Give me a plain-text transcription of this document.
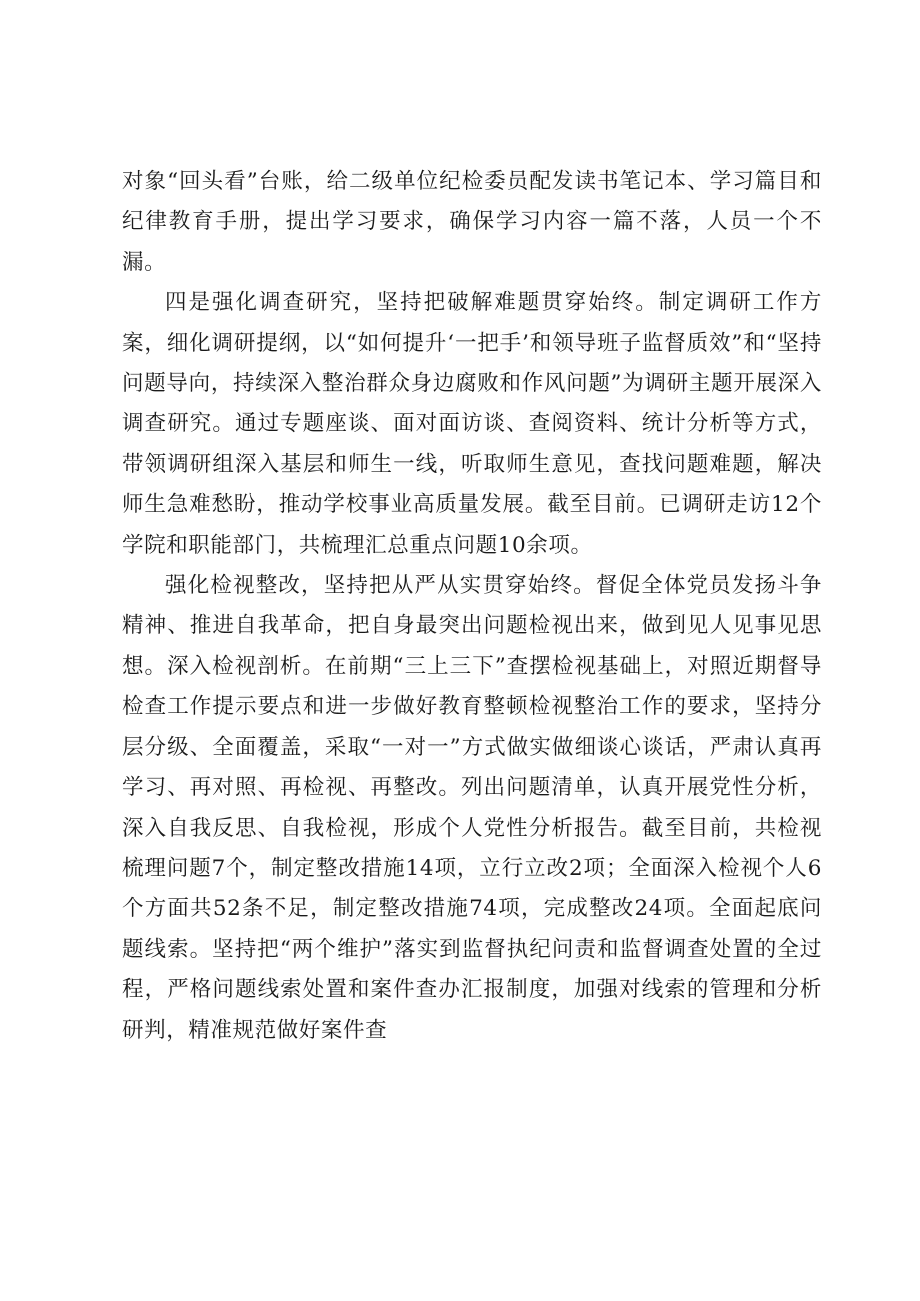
对象“回头看”台账，给二级单位纪检委员配发读书笔记本、学习篇目和纪律教育手册，提出学习要求，确保学习内容一篇不落，人员一个不漏。

四是强化调查研究，坚持把破解难题贯穿始终。制定调研工作方案，细化调研提纲，以“如何提升‘一把手’和领导班子监督质效”和“坚持问题导向，持续深入整治群众身边腐败和作风问题”为调研主题开展深入调查研究。通过专题座谈、面对面访谈、查阅资料、统计分析等方式，带领调研组深入基层和师生一线，听取师生意见，查找问题难题，解决师生急难愁盼，推动学校事业高质量发展。截至目前。已调研走访12个学院和职能部门，共梳理汇总重点问题10余项。

强化检视整改，坚持把从严从实贯穿始终。督促全体党员发扬斗争精神、推进自我革命，把自身最突出问题检视出来，做到见人见事见思想。深入检视剖析。在前期“三上三下”查摆检视基础上，对照近期督导检查工作提示要点和进一步做好教育整顿检视整治工作的要求，坚持分层分级、全面覆盖，采取“一对一”方式做实做细谈心谈话，严肃认真再学习、再对照、再检视、再整改。列出问题清单，认真开展党性分析，深入自我反思、自我检视，形成个人党性分析报告。截至目前，共检视梳理问题7个，制定整改措施14项，立行立改2项；全面深入检视个人6个方面共52条不足，制定整改措施74项，完成整改24项。全面起底问题线索。坚持把“两个维护”落实到监督执纪问责和监督调查处置的全过程，严格问题线索处置和案件查办汇报制度，加强对线索的管理和分析研判，精准规范做好案件查
